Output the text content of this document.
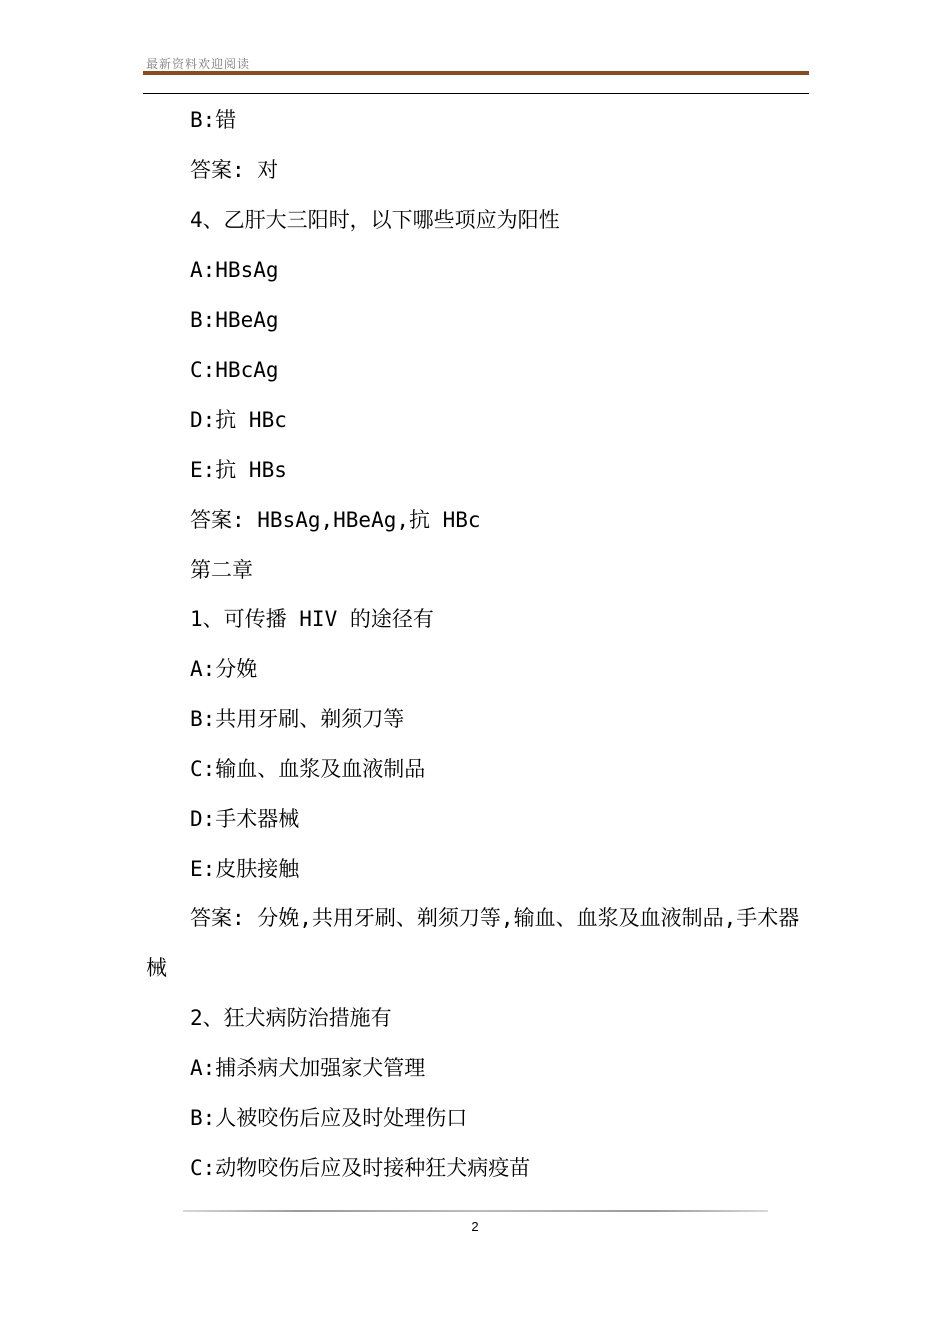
最新资料欢迎阅读
B:错
答案: 对
4、乙肝大三阳时，以下哪些项应为阳性
A:HBsAg
B:HBeAg
C:HBcAg
D:抗 HBc
E:抗 HBs
答案: HBsAg,HBeAg,抗 HBc
第二章
1、可传播 HIV 的途径有
A:分娩
B:共用牙刷、剃须刀等
C:输血、血浆及血液制品
D:手术器械
E:皮肤接触
答案: 分娩,共用牙刷、剃须刀等,输血、血浆及血液制品,手术器械
2、狂犬病防治措施有
A:捕杀病犬加强家犬管理
B:人被咬伤后应及时处理伤口
C:动物咬伤后应及时接种狂犬病疫苗
2
